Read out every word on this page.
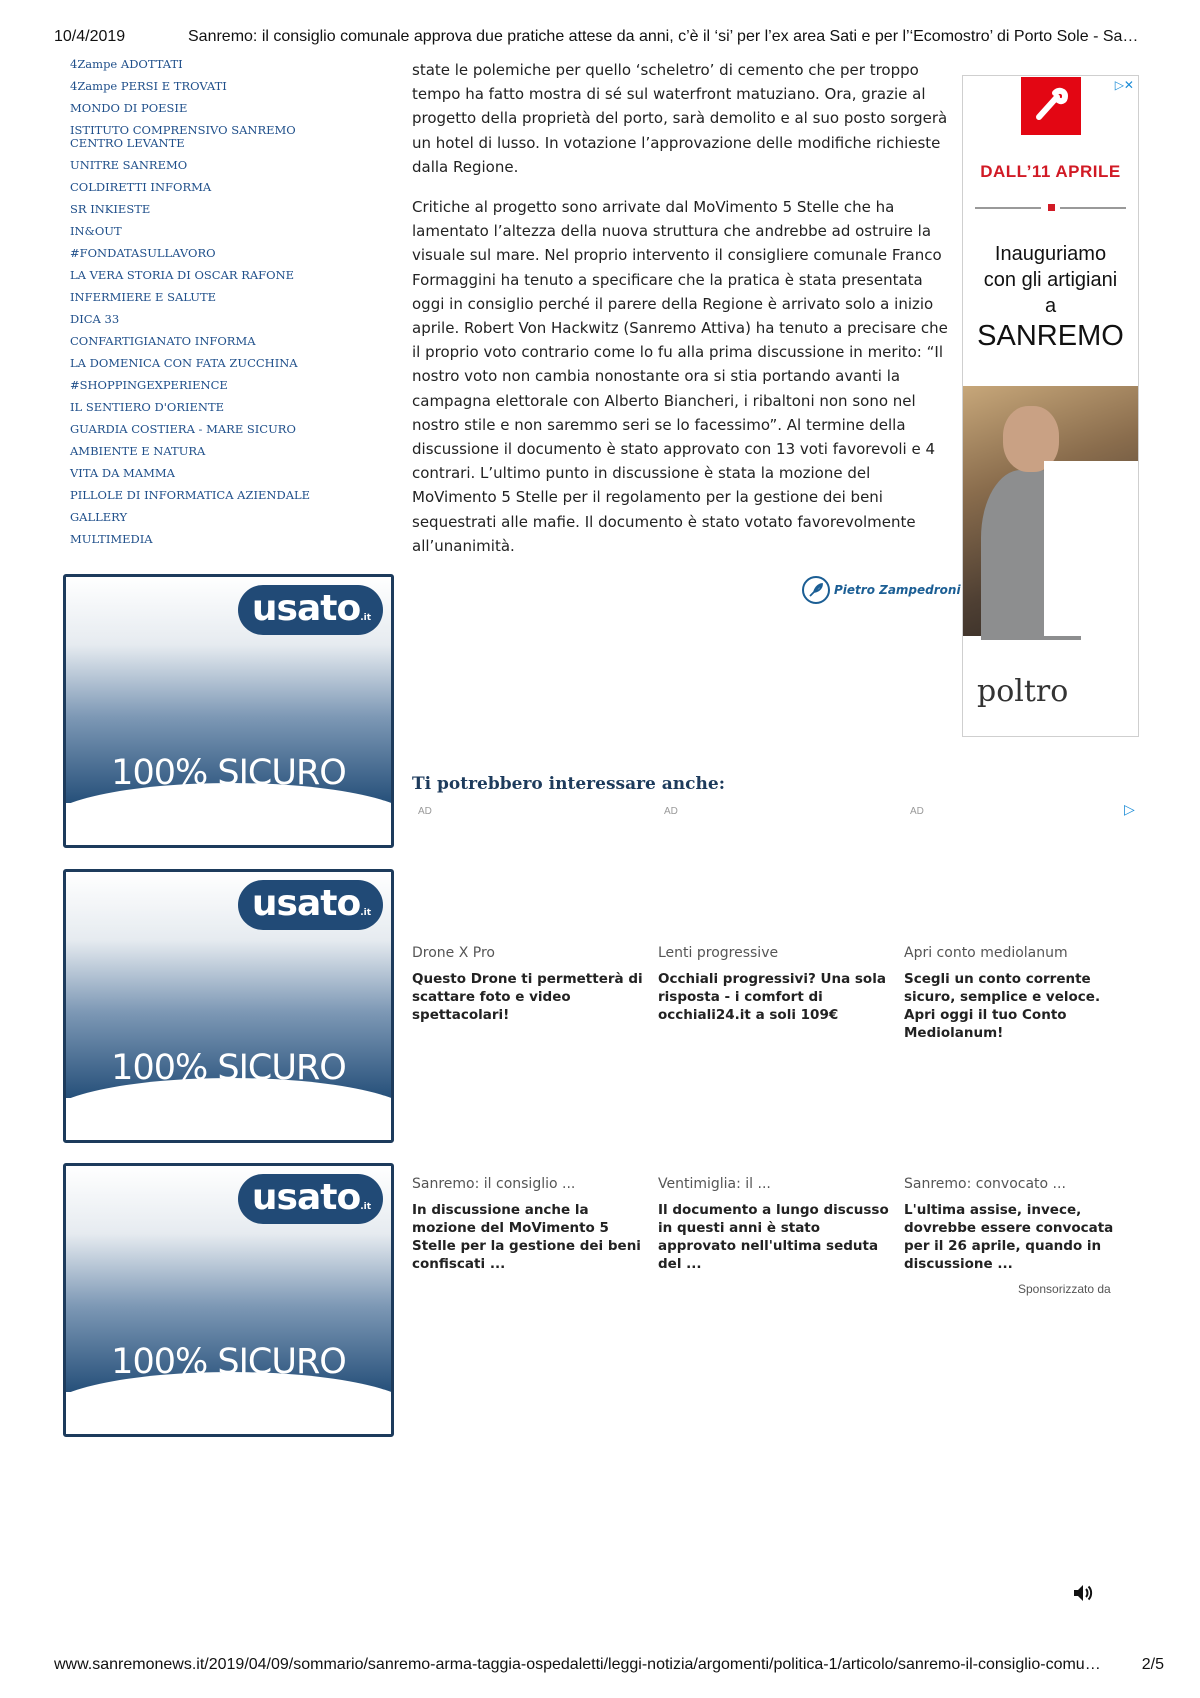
10/4/2019	Sanremo: il consiglio comunale approva due pratiche attese da anni, c’è il ‘si’ per l’ex area Sati e per l’‘Ecomostro’ di Porto Sole - Sa…
4Zampe ADOTTATI
4Zampe PERSI E TROVATI
MONDO DI POESIE
ISTITUTO COMPRENSIVO SANREMO CENTRO LEVANTE
UNITRE SANREMO
COLDIRETTI INFORMA
SR INKIESTE
IN&OUT
#FONDATASULLAVORO
LA VERA STORIA DI OSCAR RAFONE
INFERMIERE E SALUTE
DICA 33
CONFARTIGIANATO INFORMA
LA DOMENICA CON FATA ZUCCHINA
#SHOPPINGEXPERIENCE
IL SENTIERO D'ORIENTE
GUARDIA COSTIERA - MARE SICURO
AMBIENTE E NATURA
VITA DA MAMMA
PILLOLE DI INFORMATICA AZIENDALE
GALLERY
MULTIMEDIA
usato.it
100% SICURO
usato.it
100% SICURO
usato.it
100% SICURO

state le polemiche per quello ‘scheletro’ di cemento che per troppo tempo ha fatto mostra di sé sul waterfront matuziano. Ora, grazie al progetto della proprietà del porto, sarà demolito e al suo posto sorgerà un hotel di lusso. In votazione l’approvazione delle modifiche richieste dalla Regione.

Critiche al progetto sono arrivate dal MoVimento 5 Stelle che ha lamentato l’altezza della nuova struttura che andrebbe ad ostruire la visuale sul mare. Nel proprio intervento il consigliere comunale Franco Formaggini ha tenuto a specificare che la pratica è stata presentata oggi in consiglio perché il parere della Regione è arrivato solo a inizio aprile. Robert Von Hackwitz (Sanremo Attiva) ha tenuto a precisare che il proprio voto contrario come lo fu alla prima discussione in merito: “Il nostro voto non cambia nonostante ora si stia portando avanti la campagna elettorale con Alberto Biancheri, i ribaltoni non sono nel nostro stile e non saremmo seri se lo facessimo”. Al termine della discussione il documento è stato approvato con 13 voti favorevoli e 4 contrari. L’ultimo punto in discussione è stata la mozione del MoVimento 5 Stelle per il regolamento per la gestione dei beni sequestrati alle mafie. Il documento è stato votato favorevolmente all’unanimità.

Pietro Zampedroni
▷✕
DALL’11 APRILE
Inauguriamo
con gli artigiani
a
SANREMO
poltro
Ti potrebbero interessare anche:
AD	AD	AD	▷
Drone X Pro
Questo Drone ti permetterà di scattare foto e video spettacolari!
Lenti progressive
Occhiali progressivi? Una sola risposta - i comfort di occhiali24.it a soli 109€
Apri conto mediolanum
Scegli un conto corrente sicuro, semplice e veloce. Apri oggi il tuo Conto Mediolanum!
Sanremo: il consiglio ...
In discussione anche la mozione del MoVimento 5 Stelle per la gestione dei beni confiscati ...
Ventimiglia: il ...
Il documento a lungo discusso in questi anni è stato approvato nell'ultima seduta del ...
Sanremo: convocato ...
L'ultima assise, invece, dovrebbe essere convocata per il 26 aprile, quando in discussione ...
Sponsorizzato da
www.sanremonews.it/2019/04/09/sommario/sanremo-arma-taggia-ospedaletti/leggi-notizia/argomenti/politica-1/articolo/sanremo-il-consiglio-comu…	2/5
